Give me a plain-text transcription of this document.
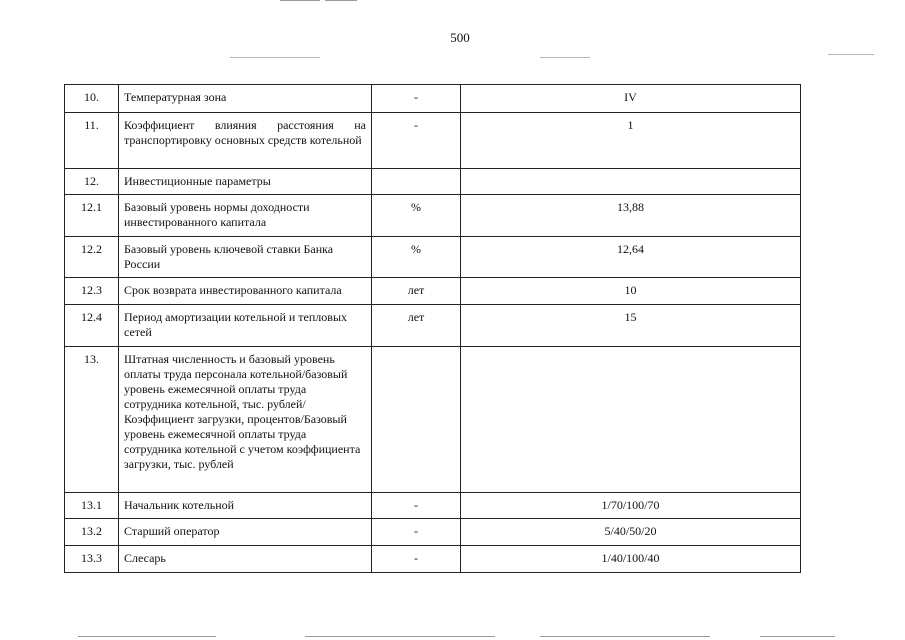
500
10.	Температурная зона	-	IV
11.	Коэффициент влияния расстояния на транспортировку основных средств котельной	-	1
12.	Инвестиционные параметры		
12.1	Базовый уровень нормы доходности инвестированного капитала	%	13,88
12.2	Базовый уровень ключевой ставки Банка России	%	12,64
12.3	Срок возврата инвестированного капитала	лет	10
12.4	Период амортизации котельной и тепловых сетей	лет	15
13.	Штатная численность и базовый уровень оплаты труда персонала котельной/базовый уровень ежемесячной оплаты труда сотрудника котельной, тыс. рублей/Коэффициент загрузки, процентов/Базовый уровень ежемесячной оплаты труда сотрудника котельной с учетом коэффициента загрузки, тыс. рублей		
13.1	Начальник котельной	-	1/70/100/70
13.2	Старший оператор	-	5/40/50/20
13.3	Слесарь	-	1/40/100/40
